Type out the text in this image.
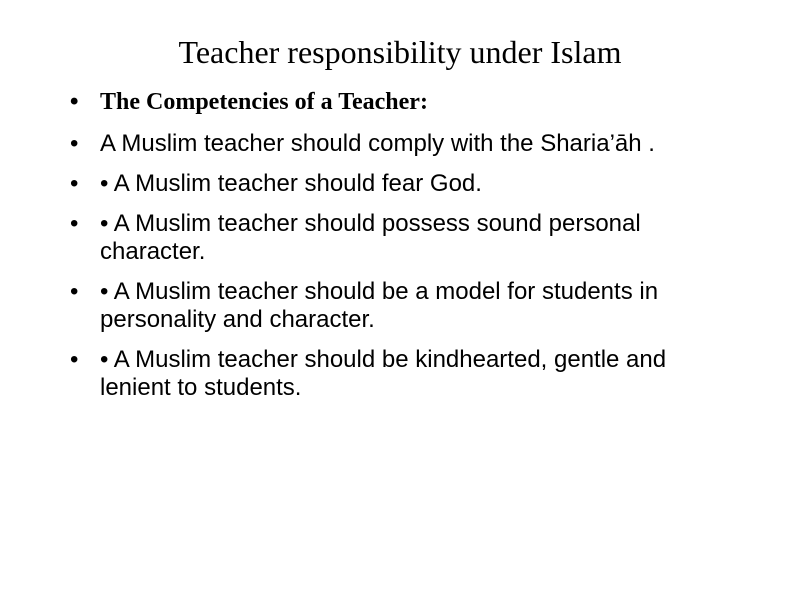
Teacher responsibility under Islam
• The Competencies of a Teacher:
• A Muslim teacher should comply with the Sharia’āh .
• • A Muslim teacher should fear God.
• • A Muslim teacher should possess sound personal character.
• • A Muslim teacher should be a model for students in personality and character.
• • A Muslim teacher should be kindhearted, gentle and lenient to students.
